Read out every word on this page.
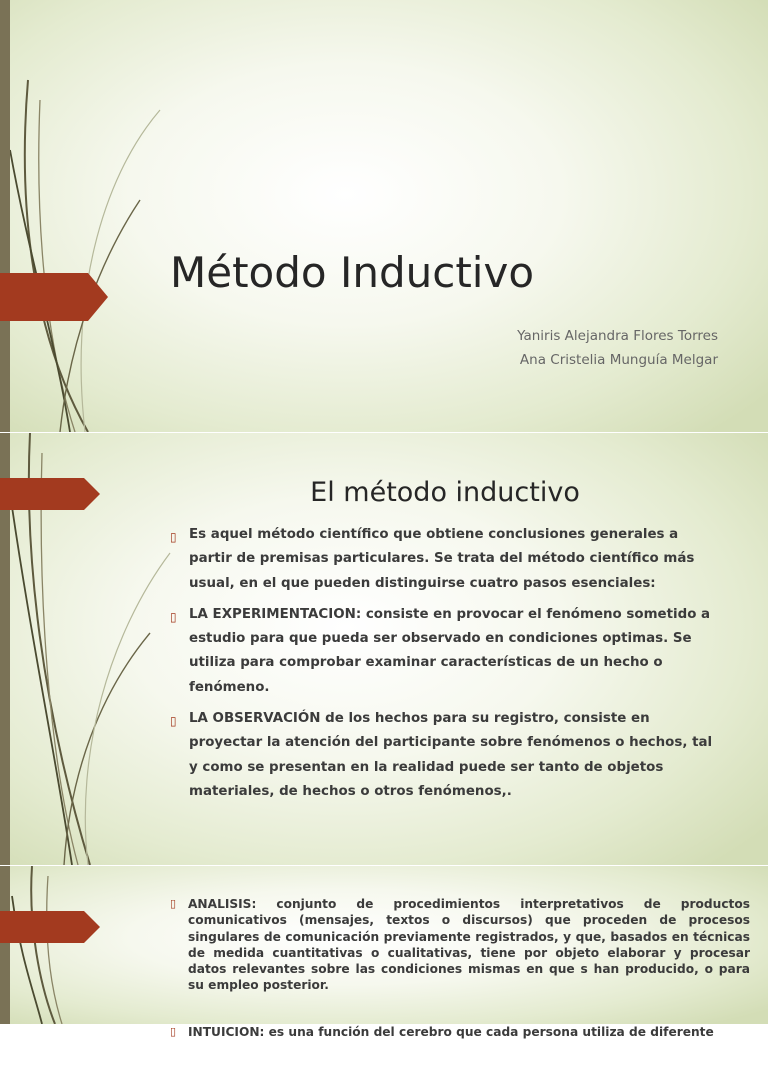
Método Inductivo
Yaniris Alejandra Flores Torres
Ana Cristelia Munguía Melgar
El método inductivo
▯ Es aquel método científico que obtiene conclusiones generales a partir de premisas particulares. Se trata del método científico más usual, en el que pueden distinguirse cuatro pasos esenciales:
▯ LA EXPERIMENTACION: consiste en provocar el fenómeno sometido a estudio para que pueda ser observado en condiciones optimas. Se utiliza para comprobar examinar características de un hecho o fenómeno.
▯ LA OBSERVACIÓN de los hechos para su registro, consiste en proyectar la atención del participante sobre fenómenos o hechos, tal y como se presentan en la realidad puede ser tanto de objetos materiales, de hechos o otros fenómenos,.
▯ ANALISIS: conjunto de procedimientos interpretativos de productos comunicativos (mensajes, textos o discursos) que proceden de procesos singulares de comunicación previamente registrados, y que, basados en técnicas de medida cuantitativas o cualitativas, tiene por objeto elaborar y procesar datos relevantes sobre las condiciones mismas en que s han producido, o para su empleo posterior.
▯ INTUICION: es una función del cerebro que cada persona utiliza de diferente
